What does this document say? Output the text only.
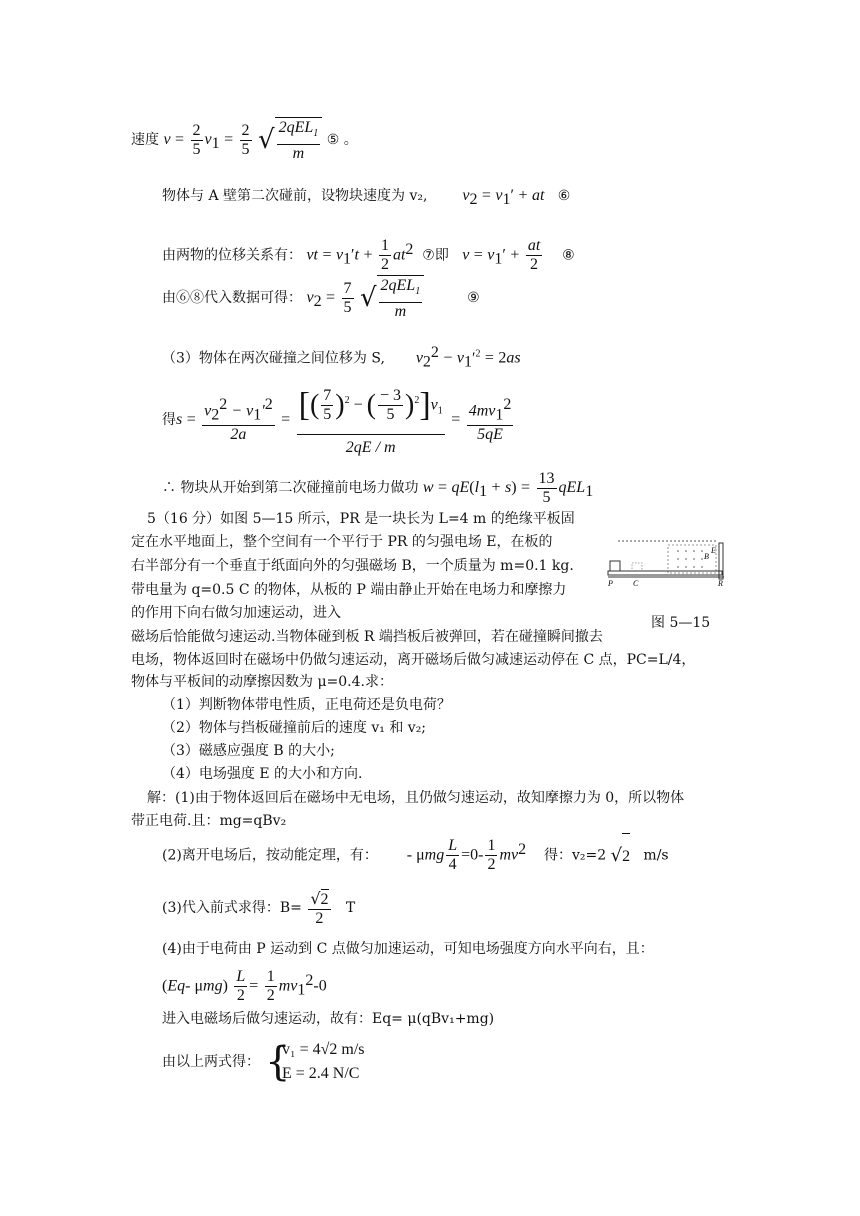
速度 $v = \frac{2}{5} v_1 = \frac{2}{5}$ √ $\frac{2qEL_1}{m}$ ⑤ 。
物体与 A 壁第二次碰前，设物块速度为 v₂, $v_2 = v_1'$ + at ⑥
由两物的位移关系有： vt = $v_1't + \frac{1}{2} at^2$ ⑦即 $v = v_1' + \frac{at}{2}$ ⑧
由⑥⑧代入数据可得： $v_2 = \frac{7}{5}$ √ $\frac{2qEL_1}{m}$	⑨
（3）物体在两次碰撞之间位移为 S, $v_2^2 - v_1'^2 = 2as$
得$s = \frac{v_2^2 - v_1'^2}{2a} = \frac{[( \frac{7}{5} )^2 - ( \frac{- 3}{5} )^2]v_1}{2qE / m} = \frac{4mv_1^2}{5qE}$
∴ 物块从开始到第二次碰撞前电场力做功 $w = qE(l_1 + s) = \frac{13}{5} qEL_1$
5（16 分）如图 5—15 所示，PR 是一块长为 L=4 m 的绝缘平板固
定在水平地面上，整个空间有一个平行于 PR 的匀强电场 E，在板的
右半部分有一个垂直于纸面向外的匀强磁场 B，一个质量为 m=0.1 kg.
带电量为 q=0.5 C 的物体，从板的 P 端由静止开始在电场力和摩擦力
的作用下向右做匀加速运动，进入
P	C
B
E
R
图 5—15
磁场后恰能做匀速运动.当物体碰到板 R 端挡板后被弹回，若在碰撞瞬间撤去
电场，物体返回时在磁场中仍做匀速运动，离开磁场后做匀减速运动停在 C 点，PC=L/4，
物体与平板间的动摩擦因数为 μ=0.4.求：
（1）判断物体带电性质，正电荷还是负电荷？
（2）物体与挡板碰撞前后的速度 v₁ 和 v₂;
（3）磁感应强度 B 的大小;
（4）电场强度 E 的大小和方向.
解：(1)由于物体返回后在磁场中无电场，且仍做匀速运动，故知摩擦力为 0，所以物体
带正电荷.且：mg=qBv₂
(2)离开电场后，按动能定理，有： - μmg $\frac{L}{4} =0- \frac{1}{2} mv^2$ 得：v₂=2 √2 m/s
(3)代入前式求得：$B= \frac{√2}{2}$ T
(4)由于电荷由 P 运动到 C 点做匀加速运动，可知电场强度方向水平向右，且：
(Eq- $\mu mg) \frac{L}{2} = \frac{1}{2} mv_1^2-0$
进入电磁场后做匀速运动，故有：Eq= μ(qBv₁+mg)
由以上两式得： {
v₁ = 4√2 m/s
E = 2.4 N/C
